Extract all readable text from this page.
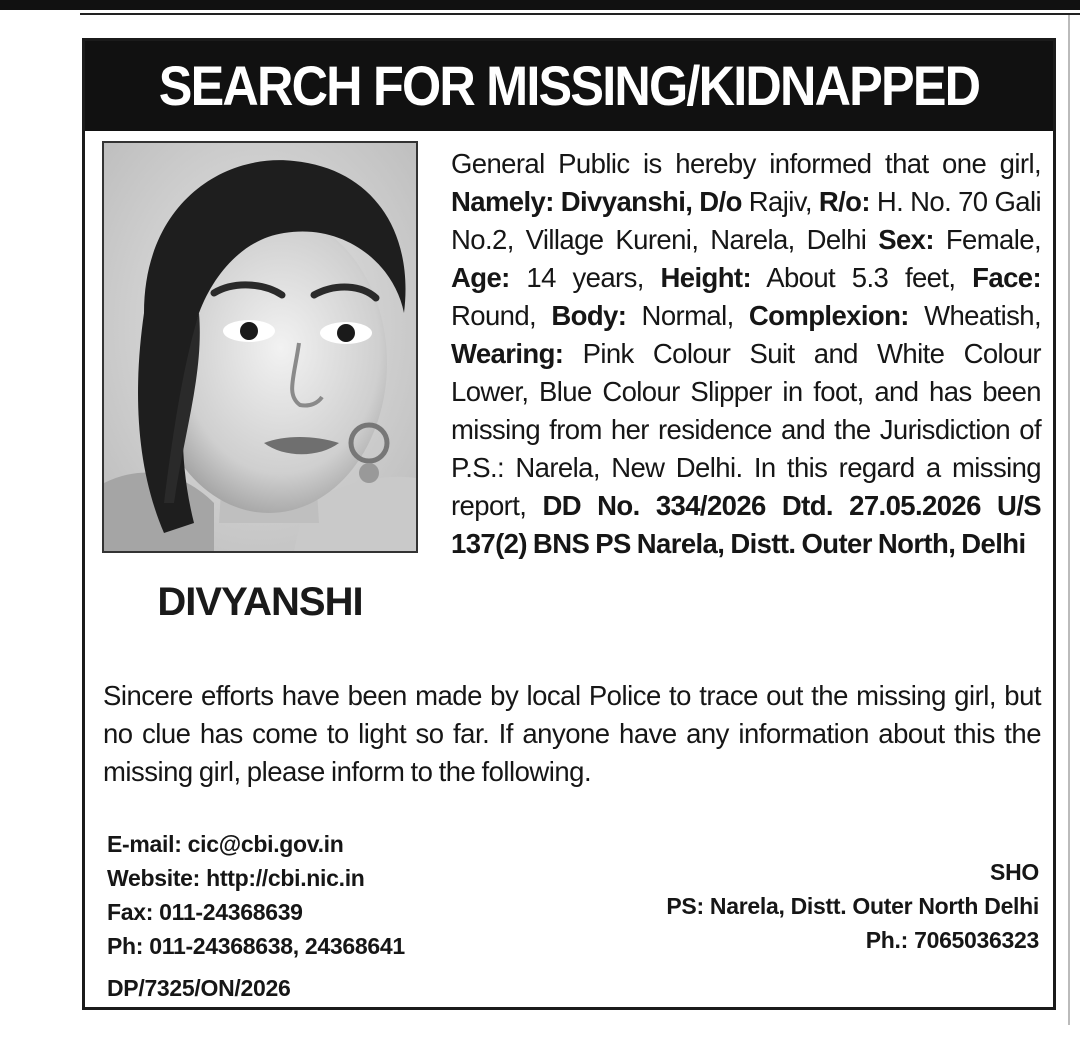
SEARCH FOR MISSING/KIDNAPPED
DIVYANSHI
General Public is hereby informed that one girl, Namely: Divyanshi, D/o Rajiv, R/o: H. No. 70 Gali No.2, Village Kureni, Narela, Delhi Sex: Female, Age: 14 years, Height: About 5.3 feet, Face: Round, Body: Normal, Complexion: Wheatish, Wearing: Pink Colour Suit and White Colour Lower, Blue Colour Slipper in foot, and has been missing from her residence and the Jurisdiction of P.S.: Narela, New Delhi. In this regard a missing report, DD No. 334/2026 Dtd. 27.05.2026 U/S 137(2) BNS PS Narela, Distt. Outer North, Delhi
Sincere efforts have been made by local Police to trace out the missing girl, but no clue has come to light so far. If anyone have any information about this the missing girl, please inform to the following.
E-mail: cic@cbi.gov.in
Website: http://cbi.nic.in
Fax: 011-24368639
Ph: 011-24368638, 24368641
SHO
PS: Narela, Distt. Outer North Delhi
Ph.: 7065036323
DP/7325/ON/2026
